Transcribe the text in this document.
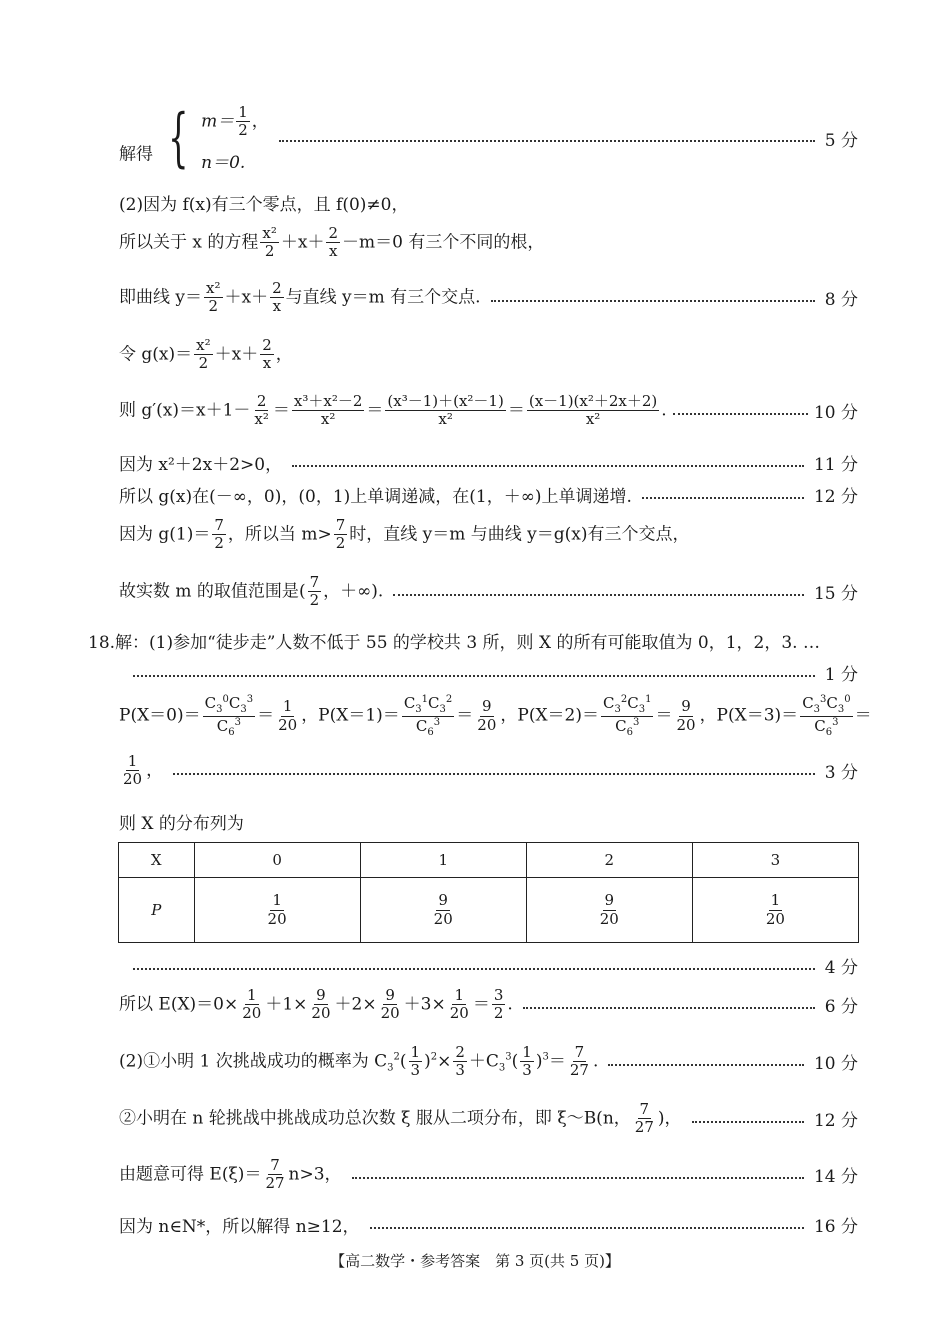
解得 { $m= \frac{1}{2}$ ，
n＝0.
5 分
(2)因为 f(x)有三个零点，且 f(0)≠0，
所以关于 x 的方程 $\frac{\text{x²}}{2} +x+ \frac{2}{x} -m=0$ 有三个不同的根，
即曲线 $y= \frac{\text{x²}}{2} +x+ \frac{2}{x}$ 与直线 y＝m 有三个交点.	8 分
令 $g(x)= \frac{\text{x²}}{2} +x+ \frac{2}{x}$ ，
则 $g'(x)=x+1- \frac{2}{\text{x²}} = \frac{\text{x³＋x²－2}}{\text{x²}} = \frac{\text{(x³－1)＋(x²－1)}}{\text{x²}} = \frac{\text{(x－1)(x²＋2x＋2)}}{\text{x²}}$ .	10 分
因为 x²＋2x＋2>0，	11 分
所以 g(x)在(－∞，0)，(0，1)上单调递减，在(1，＋∞)上单调递增.	12 分
因为 $g(1)= \frac{7}{2}$ ，所以当 $m> \frac{7}{2}$ 时，直线 y＝m 与曲线 y＝g(x)有三个交点，
故实数 m 的取值范围是( $\frac{7}{2}$ ，＋∞).	15 分
18.解：(1)参加“徒步走”人数不低于 55 的学校共 3 所，则 X 的所有可能取值为 0，1，2，3. …
1 分
$P(X=0)= \frac{C_3^0C_3^3}{C_6^3} = \frac{1}{20}$ ，$P(X=1)= \frac{C_3^1C_3^2}{C_6^3} = \frac{9}{20}$ ，$P(X=2)= \frac{C_3^2C_3^1}{C_6^3} = \frac{9}{20}$ ，$P(X=3)= \frac{C_3^3C_3^0}{C_6^3}$ ＝
$\frac{1}{20}$ ，	3 分
则 X 的分布列为
X	0	1	2	3
P	$\frac{1}{20}$	$\frac{9}{20}$	$\frac{9}{20}$	$\frac{1}{20}$
4 分
所以 $E(X)=0\times \frac{1}{20} +1\times \frac{9}{20} +2\times \frac{9}{20} +3\times \frac{1}{20} = \frac{3}{2}$ .	6 分
(2)①小明 1 次挑战成功的概率为 $C_3^2( \frac{1}{3} )^2\times \frac{2}{3} +C_3^3( \frac{1}{3} )^3= \frac{7}{27}$ .	10 分
②小明在 n 轮挑战中挑战成功总次数 ξ 服从二项分布，即 ξ～B(n， $\frac{7}{27}$ )，	12 分
由题意可得 $E(\xi)= \frac{7}{27} n>3$，	14 分
因为 n∈N*，所以解得 n≥12，	16 分
【高二数学・参考答案　第 3 页(共 5 页)】
